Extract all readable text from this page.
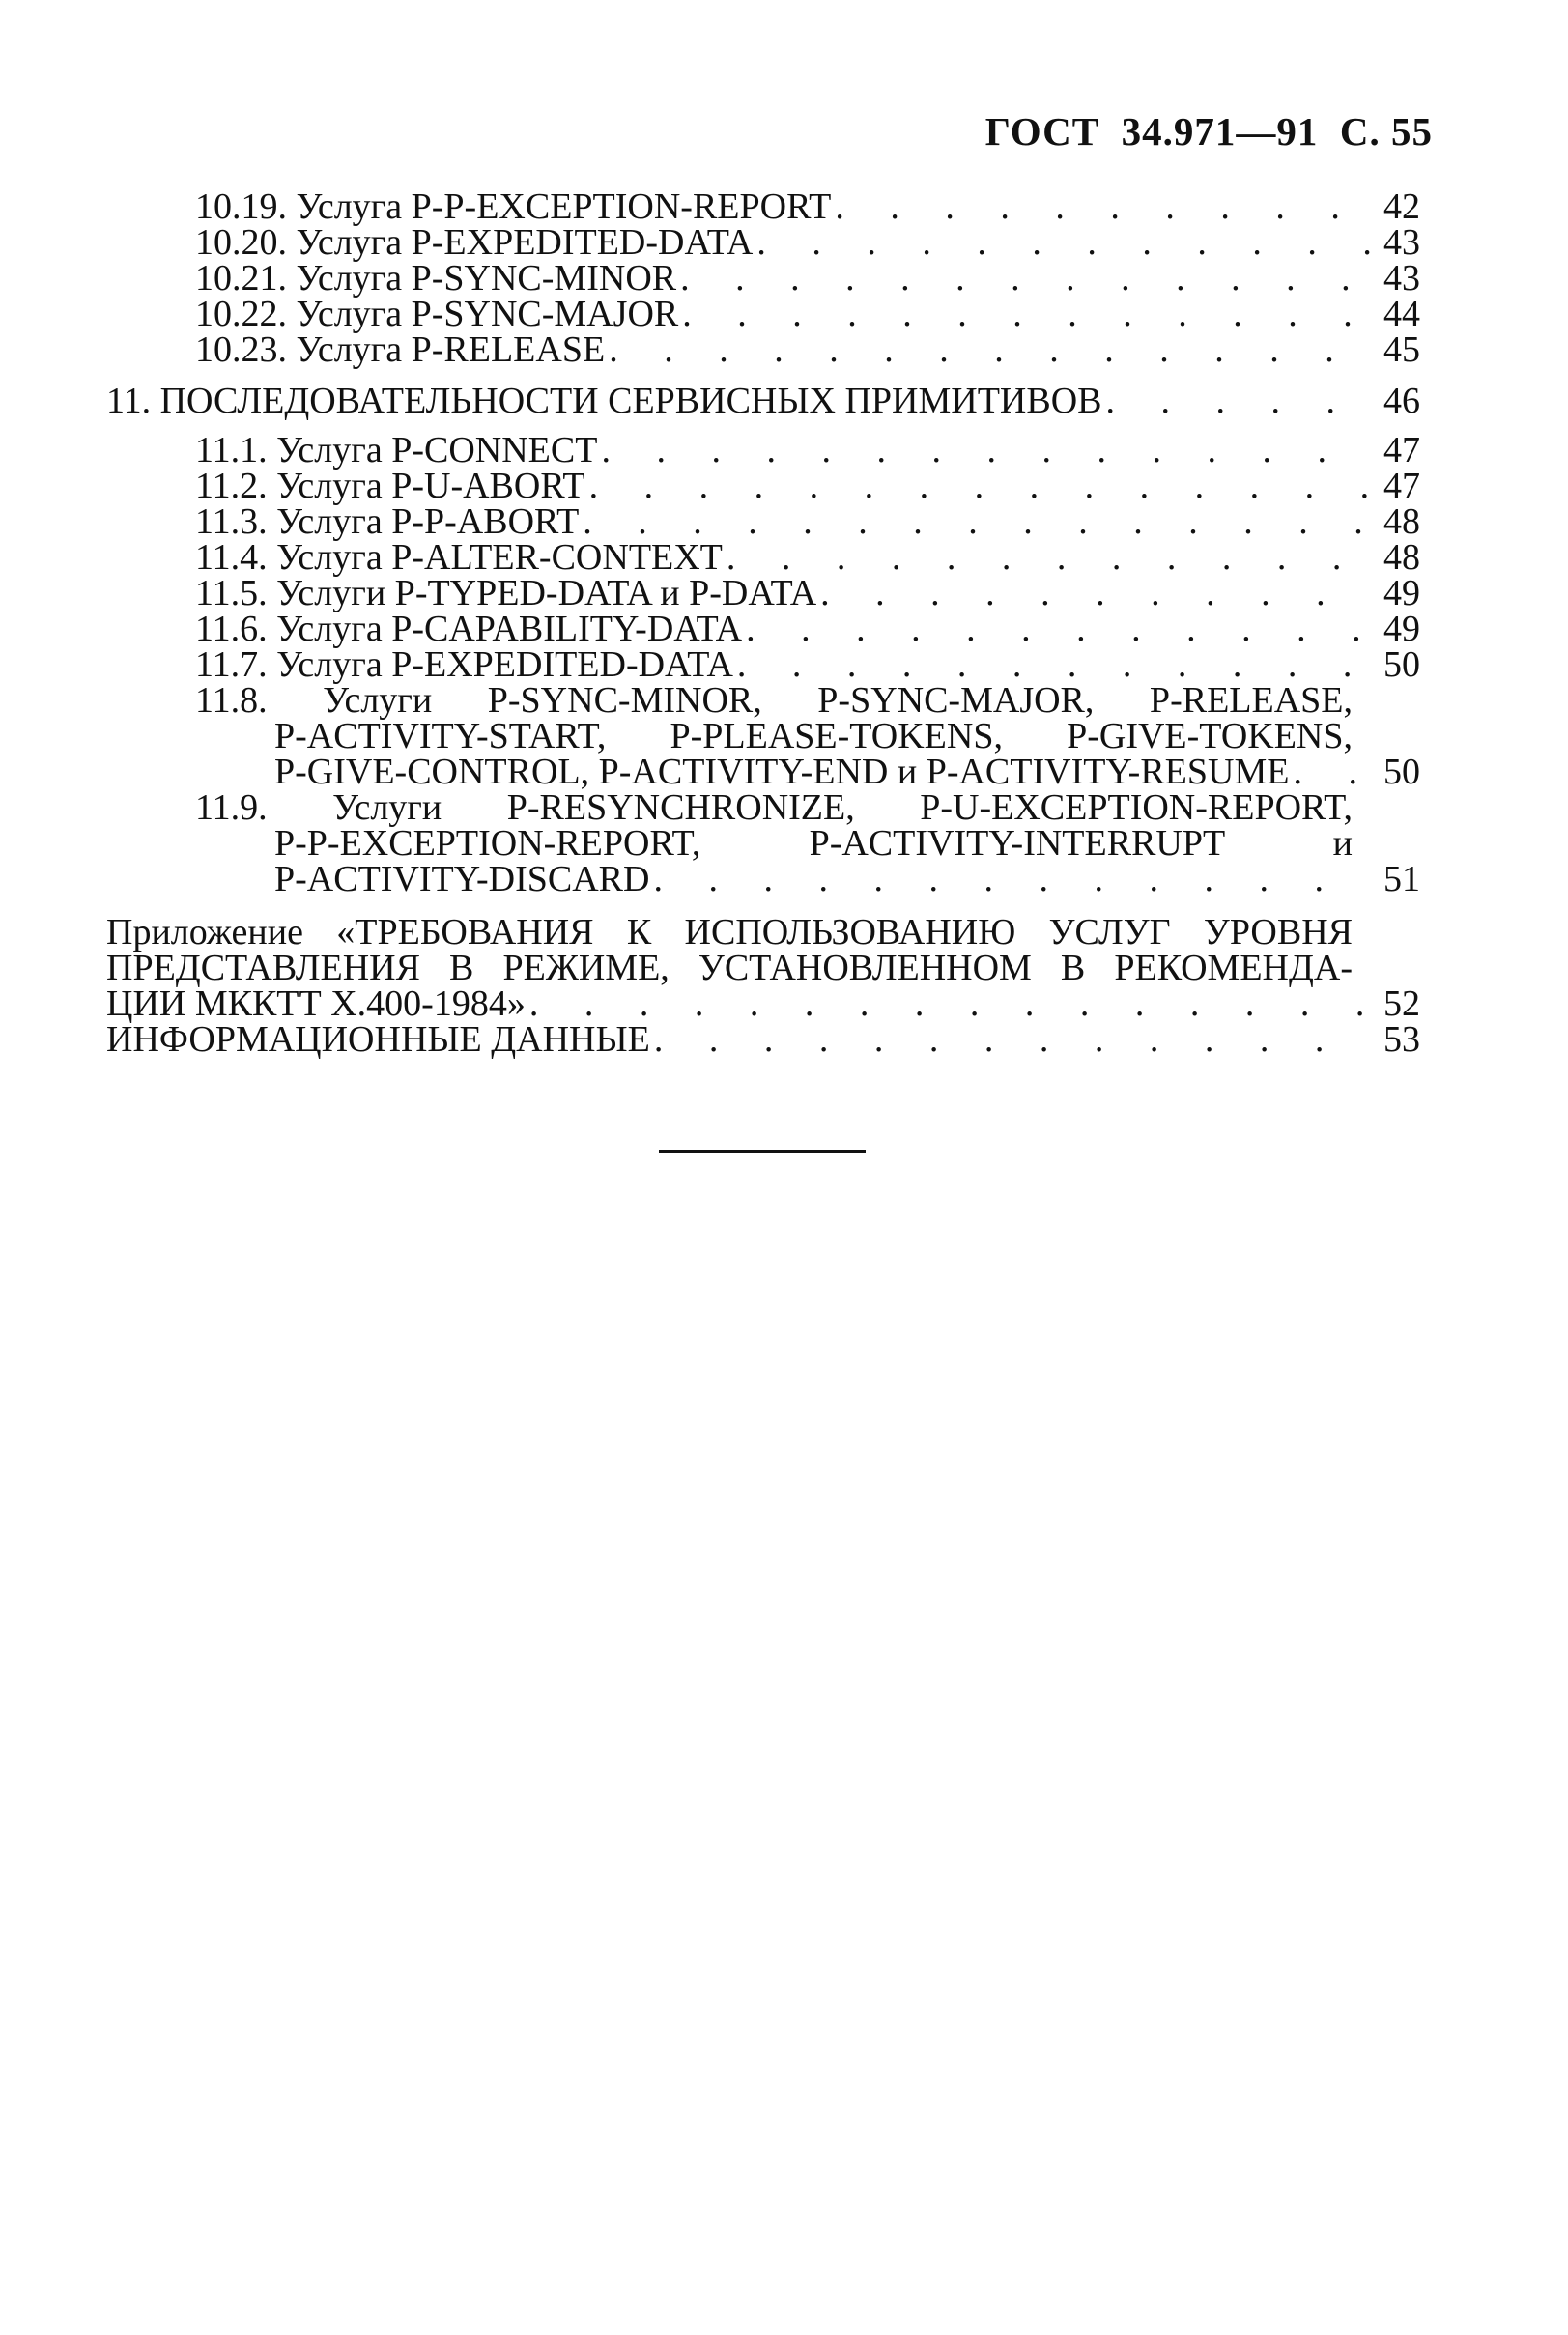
ГОСТ  34.971—91  С. 55
10.19. Услуга P-P-EXCEPTION-REPORT . . .	42
10.20. Услуга P-EXPEDITED-DATA . . .	43
10.21. Услуга P-SYNC-MINOR . . .	43
10.22. Услуга P-SYNC-MAJOR . . .	44
10.23. Услуга P-RELEASE . . .	45
11. ПОСЛЕДОВАТЕЛЬНОСТИ СЕРВИСНЫХ ПРИМИТИВОВ . . .	46
11.1. Услуга P-CONNECT . . .	47
11.2. Услуга P-U-ABORT . . .	47
11.3. Услуга P-P-ABORT . . .	48
11.4. Услуга P-ALTER-CONTEXT . . .	48
11.5. Услуги P-TYPED-DATA и P-DATA . . .	49
11.6. Услуга P-CAPABILITY-DATA . . .	49
11.7. Услуга P-EXPEDITED-DATA . . .	50
11.8. Услуги P-SYNC-MINOR, P-SYNC-MAJOR, P-RELEASE,
P-ACTIVITY-START, P-PLEASE-TOKENS, P-GIVE-TOKENS,
P-GIVE-CONTROL, P-ACTIVITY-END и P-ACTIVITY-RESUME . . .	50
11.9. Услуги P-RESYNCHRONIZE, P-U-EXCEPTION-REPORT,
P-P-EXCEPTION-REPORT, P-ACTIVITY-INTERRUPT и
P-ACTIVITY-DISCARD . . .	51
Приложение «ТРЕБОВАНИЯ К ИСПОЛЬЗОВАНИЮ УСЛУГ УРОВНЯ
ПРЕДСТАВЛЕНИЯ В РЕЖИМЕ, УСТАНОВЛЕННОМ В РЕКОМЕНДА-
ЦИИ МККТТ X.400-1984» . . .	52
ИНФОРМАЦИОННЫЕ ДАННЫЕ . . .	53
